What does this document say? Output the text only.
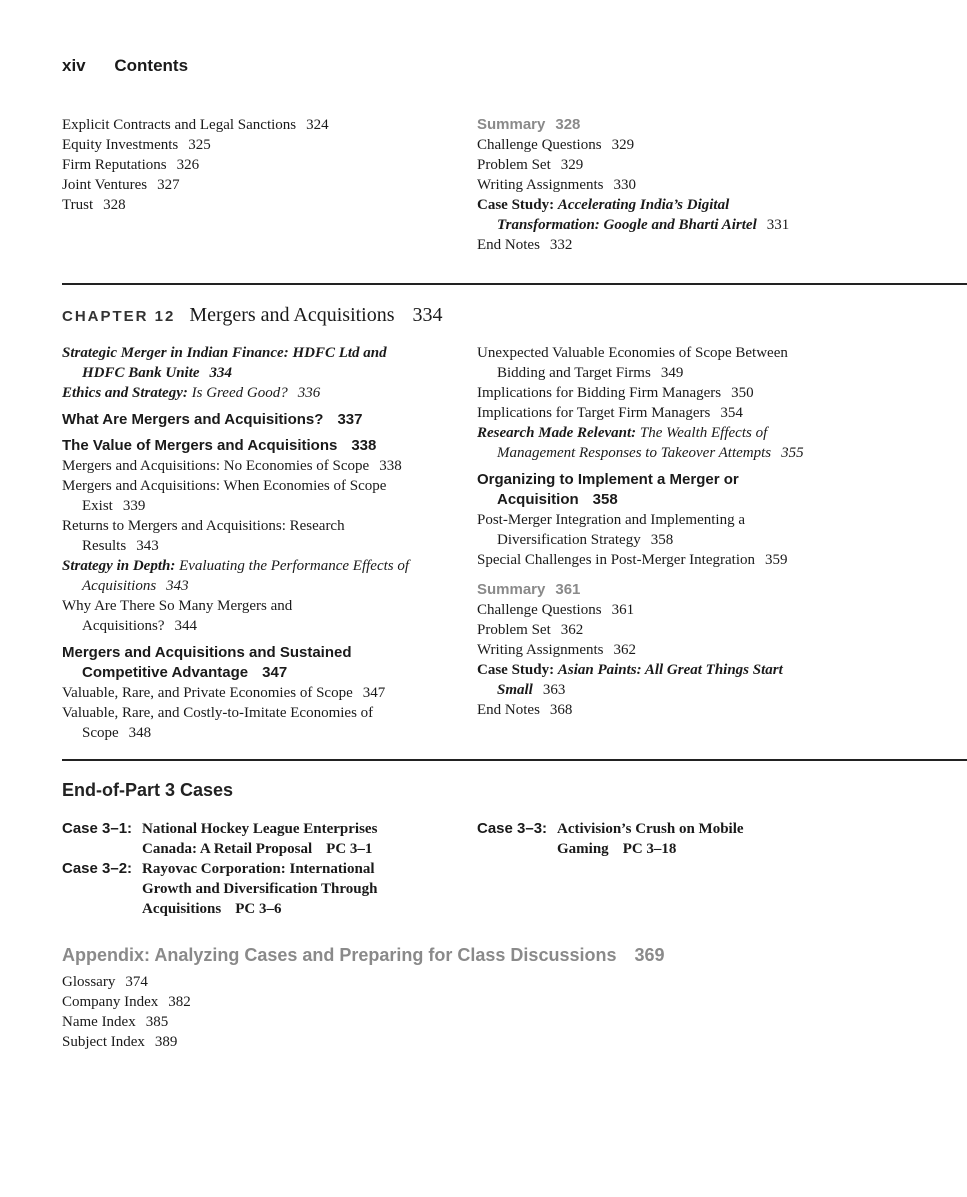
xiv Contents
Explicit Contracts and Legal Sanctions 324
Equity Investments 325
Firm Reputations 326
Joint Ventures 327
Trust 328
Summary 328
Challenge Questions 329
Problem Set 329
Writing Assignments 330
Case Study: Accelerating India’s Digital
Transformation: Google and Bharti Airtel 331
End Notes 332
CHAPTER 12 Mergers and Acquisitions 334
Strategic Merger in Indian Finance: HDFC Ltd and
HDFC Bank Unite 334
Ethics and Strategy: Is Greed Good? 336
What Are Mergers and Acquisitions? 337
The Value of Mergers and Acquisitions 338
Mergers and Acquisitions: No Economies of Scope 338
Mergers and Acquisitions: When Economies of Scope
Exist 339
Returns to Mergers and Acquisitions: Research
Results 343
Strategy in Depth: Evaluating the Performance Effects of
Acquisitions 343
Why Are There So Many Mergers and
Acquisitions? 344
Mergers and Acquisitions and Sustained
Competitive Advantage 347
Valuable, Rare, and Private Economies of Scope 347
Valuable, Rare, and Costly-to-Imitate Economies of
Scope 348
Unexpected Valuable Economies of Scope Between
Bidding and Target Firms 349
Implications for Bidding Firm Managers 350
Implications for Target Firm Managers 354
Research Made Relevant: The Wealth Effects of
Management Responses to Takeover Attempts 355
Organizing to Implement a Merger or
Acquisition 358
Post-Merger Integration and Implementing a
Diversification Strategy 358
Special Challenges in Post-Merger Integration 359
Summary 361
Challenge Questions 361
Problem Set 362
Writing Assignments 362
Case Study: Asian Paints: All Great Things Start
Small 363
End Notes 368
End-of-Part 3 Cases
Case 3–1: National Hockey League Enterprises
Canada: A Retail Proposal PC 3–1
Case 3–2: Rayovac Corporation: International
Growth and Diversification Through
Acquisitions PC 3–6
Case 3–3: Activision’s Crush on Mobile
Gaming PC 3–18
Appendix: Analyzing Cases and Preparing for Class Discussions 369
Glossary 374
Company Index 382
Name Index 385
Subject Index 389
